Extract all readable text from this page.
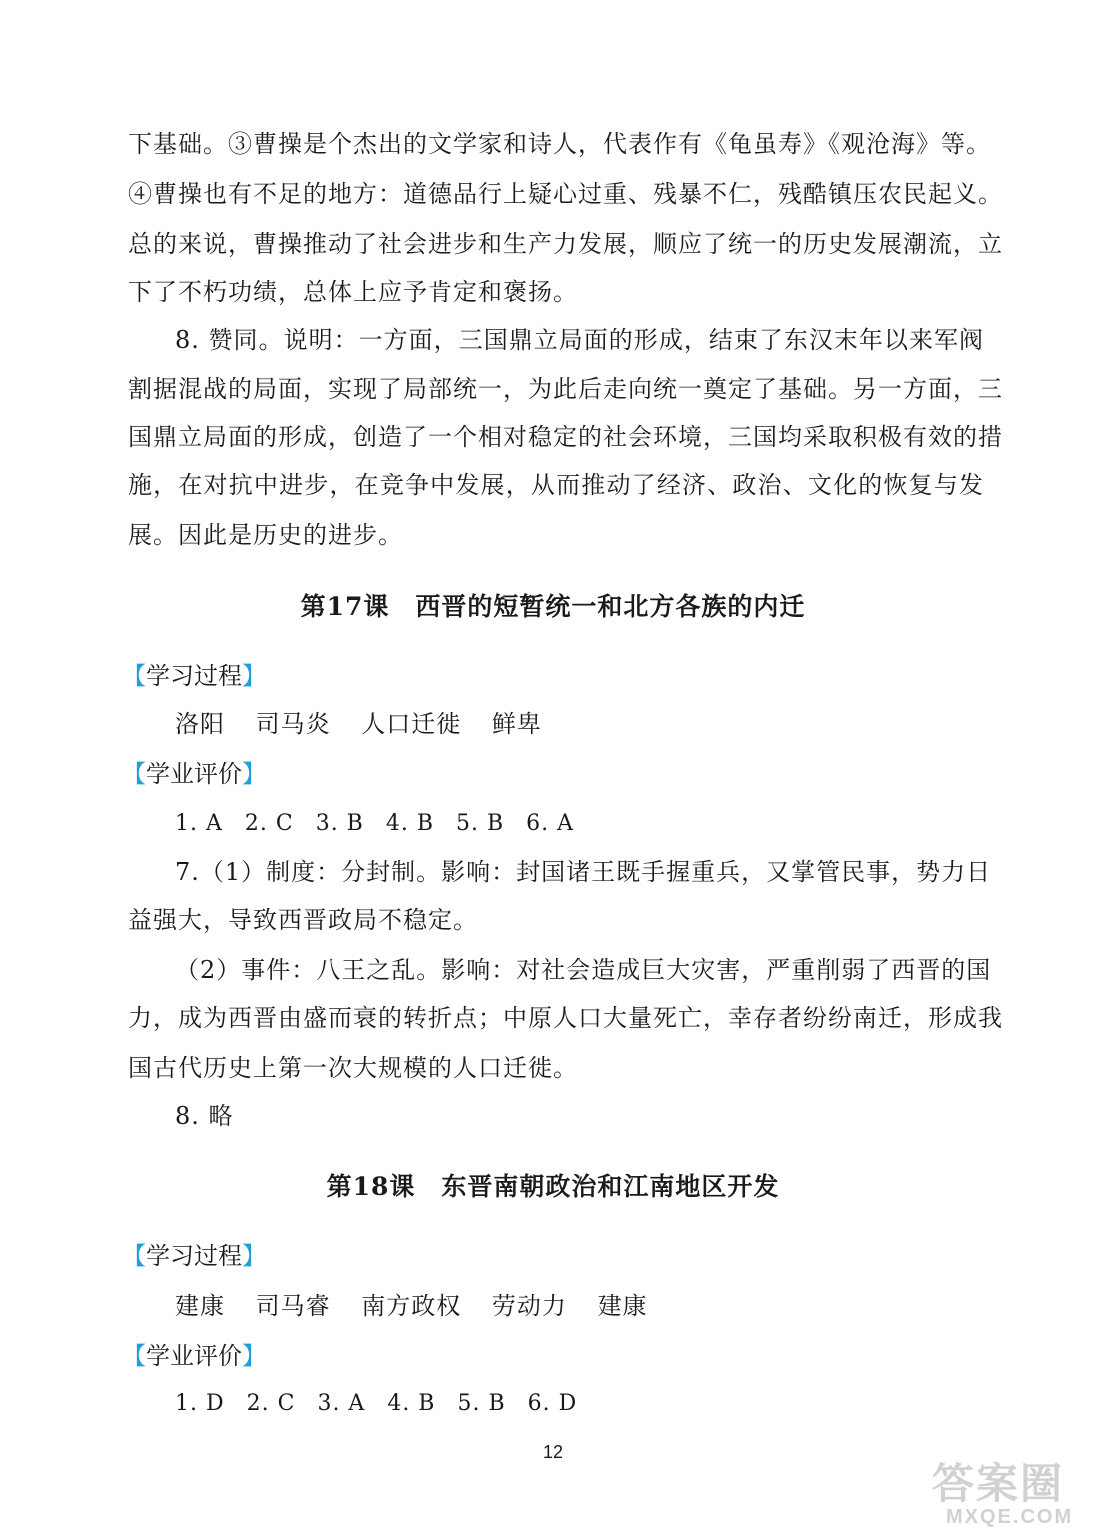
下基础。③曹操是个杰出的文学家和诗人，代表作有《龟虽寿》《观沧海》等。
④曹操也有不足的地方：道德品行上疑心过重、残暴不仁，残酷镇压农民起义。
总的来说，曹操推动了社会进步和生产力发展，顺应了统一的历史发展潮流，立
下了不朽功绩，总体上应予肯定和褒扬。
8. 赞同。说明：一方面，三国鼎立局面的形成，结束了东汉末年以来军阀
割据混战的局面，实现了局部统一，为此后走向统一奠定了基础。另一方面，三
国鼎立局面的形成，创造了一个相对稳定的社会环境，三国均采取积极有效的措
施，在对抗中进步，在竞争中发展，从而推动了经济、政治、文化的恢复与发
展。因此是历史的进步。
第17课　西晋的短暂统一和北方各族的内迁
【学习过程】
洛阳 司马炎 人口迁徙 鲜卑
【学业评价】
1. A 2. C 3. B 4. B 5. B 6. A
7.（1）制度：分封制。影响：封国诸王既手握重兵，又掌管民事，势力日
益强大，导致西晋政局不稳定。
（2）事件：八王之乱。影响：对社会造成巨大灾害，严重削弱了西晋的国
力，成为西晋由盛而衰的转折点；中原人口大量死亡，幸存者纷纷南迁，形成我
国古代历史上第一次大规模的人口迁徙。
8. 略
第18课　东晋南朝政治和江南地区开发
【学习过程】
建康 司马睿 南方政权 劳动力 建康
【学业评价】
1. D 2. C 3. A 4. B 5. B 6. D
12
答案圈
MXQE.COM
